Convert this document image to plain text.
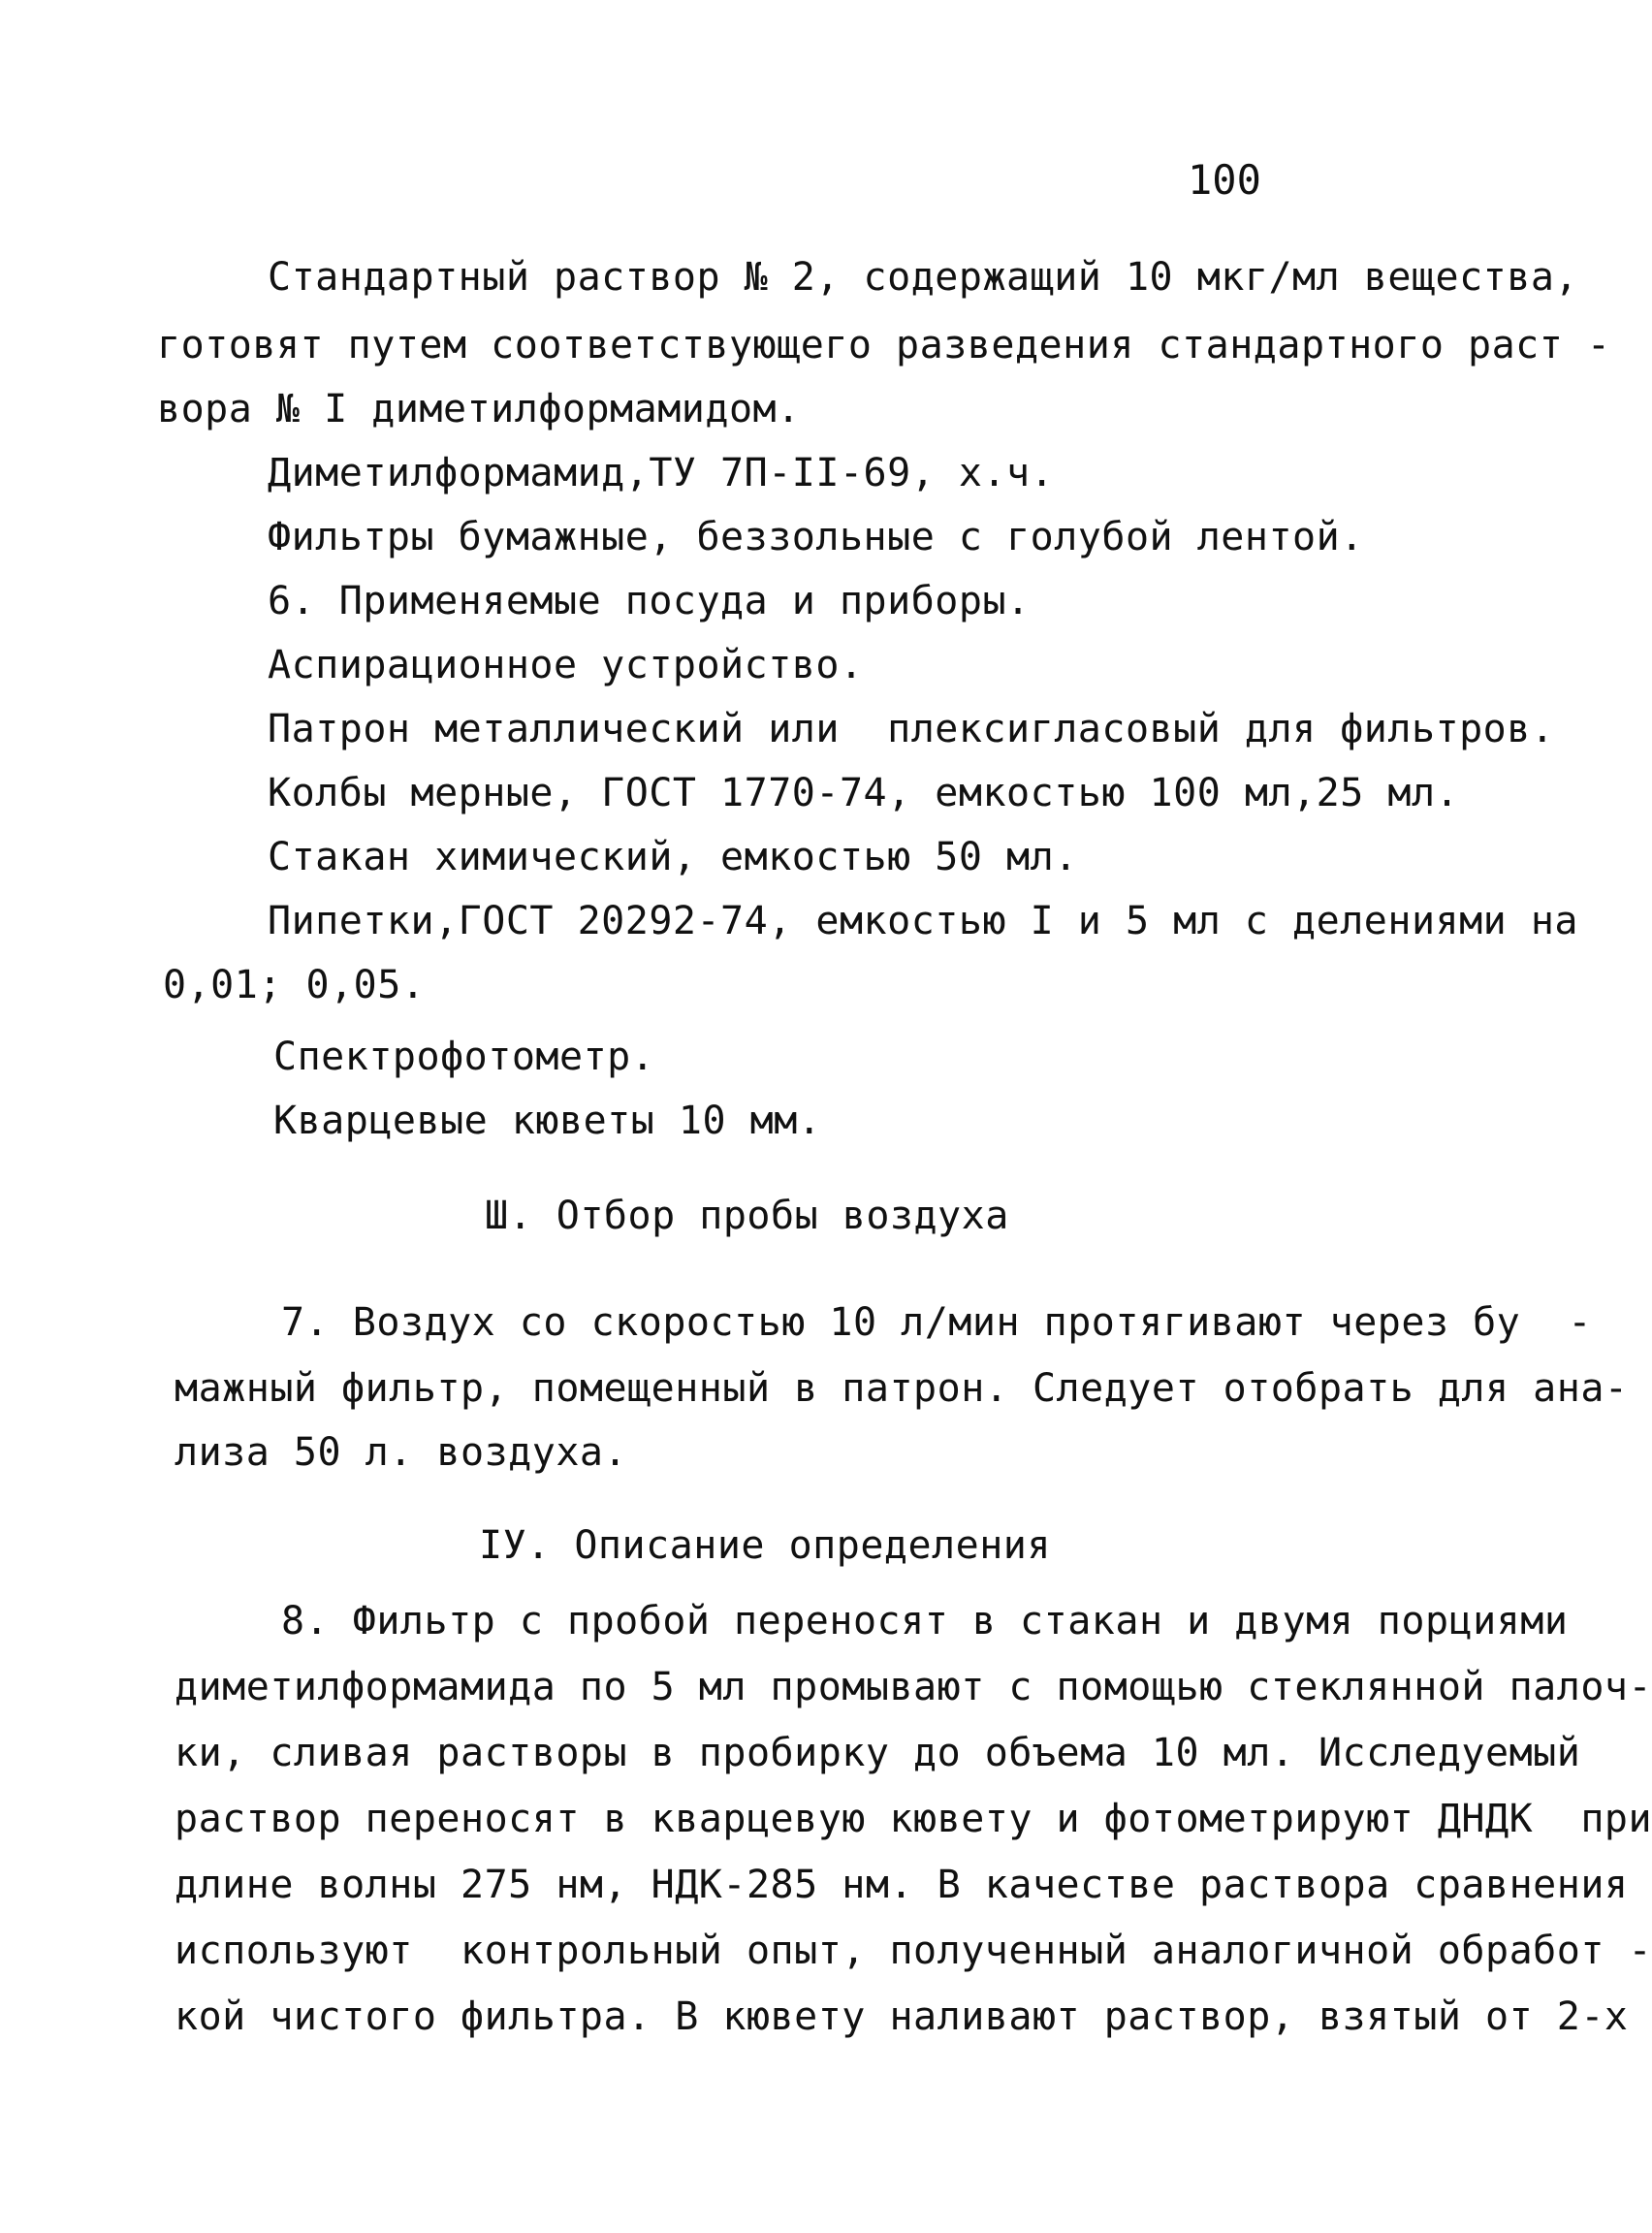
100
Стандартный раствор № 2, содержащий 10 мкг/мл вещества,
готовят путем соответствующего разведения стандартного раст -
вора № I диметилформамидом.
Диметилформамид,ТУ 7П-II-69, х.ч.
Фильтры бумажные, беззольные с голубой лентой.
6. Применяемые посуда и приборы.
Аспирационное устройство.
Патрон металлический или  плексигласовый для фильтров.
Колбы мерные, ГОСТ 1770-74, емкостью 100 мл,25 мл.
Стакан химический, емкостью 50 мл.
Пипетки,ГОСТ 20292-74, емкостью I и 5 мл с делениями на
0,01; 0,05.
Спектрофотометр.
Кварцевые кюветы 10 мм.
Ш. Отбор пробы воздуха
7. Воздух со скоростью 10 л/мин протягивают через бу  -
мажный фильтр, помещенный в патрон. Следует отобрать для ана-
лиза 50 л. воздуха.
IУ. Описание определения
8. Фильтр с пробой переносят в стакан и двумя порциями
диметилформамида по 5 мл промывают с помощью стеклянной палоч-
ки, сливая растворы в пробирку до объема 10 мл. Исследуемый
раствор переносят в кварцевую кювету и фотометрируют ДНДК  при
длине волны 275 нм, НДК-285 нм. В качестве раствора сравнения
используют  контрольный опыт, полученный аналогичной обработ -
кой чистого фильтра. В кювету наливают раствор, взятый от 2-х
